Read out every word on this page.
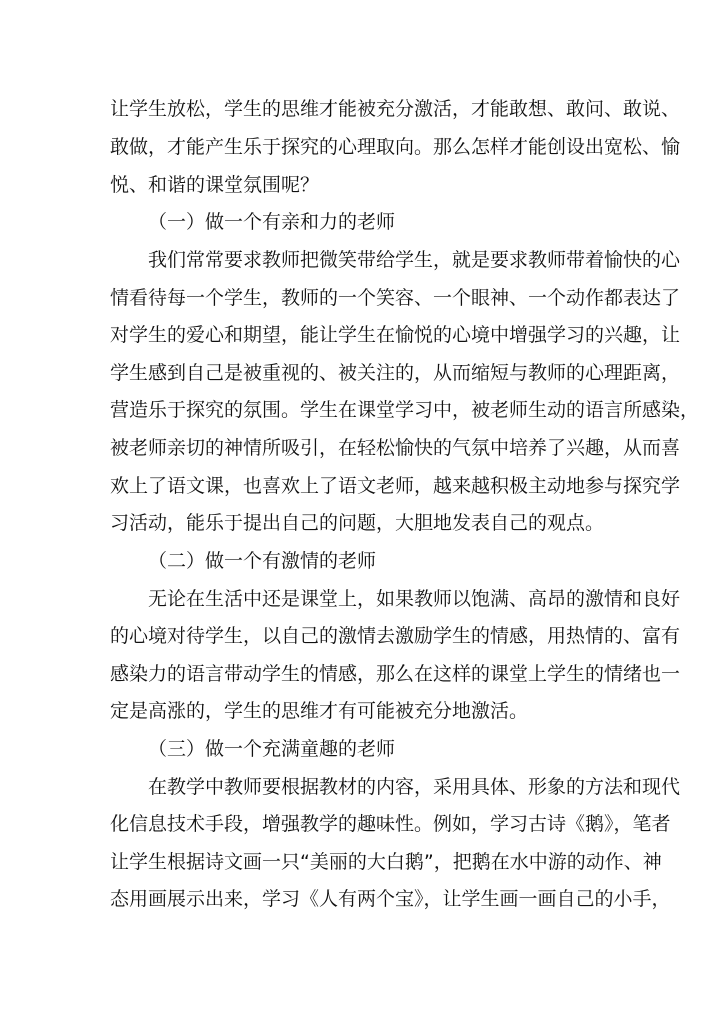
让学生放松，学生的思维才能被充分激活，才能敢想、敢问、敢说、
敢做，才能产生乐于探究的心理取向。那么怎样才能创设出宽松、愉
悦、和谐的课堂氛围呢？
（一）做一个有亲和力的老师
我们常常要求教师把微笑带给学生，就是要求教师带着愉快的心
情看待每一个学生，教师的一个笑容、一个眼神、一个动作都表达了
对学生的爱心和期望，能让学生在愉悦的心境中增强学习的兴趣，让
学生感到自己是被重视的、被关注的，从而缩短与教师的心理距离，
营造乐于探究的氛围。学生在课堂学习中，被老师生动的语言所感染，
被老师亲切的神情所吸引，在轻松愉快的气氛中培养了兴趣，从而喜
欢上了语文课，也喜欢上了语文老师，越来越积极主动地参与探究学
习活动，能乐于提出自己的问题，大胆地发表自己的观点。
（二）做一个有激情的老师
无论在生活中还是课堂上，如果教师以饱满、高昂的激情和良好
的心境对待学生，以自己的激情去激励学生的情感，用热情的、富有
感染力的语言带动学生的情感，那么在这样的课堂上学生的情绪也一
定是高涨的，学生的思维才有可能被充分地激活。
（三）做一个充满童趣的老师
在教学中教师要根据教材的内容，采用具体、形象的方法和现代
化信息技术手段，增强教学的趣味性。例如，学习古诗《鹅》，笔者
让学生根据诗文画一只“美丽的大白鹅”，把鹅在水中游的动作、神
态用画展示出来，学习《人有两个宝》，让学生画一画自己的小手，
